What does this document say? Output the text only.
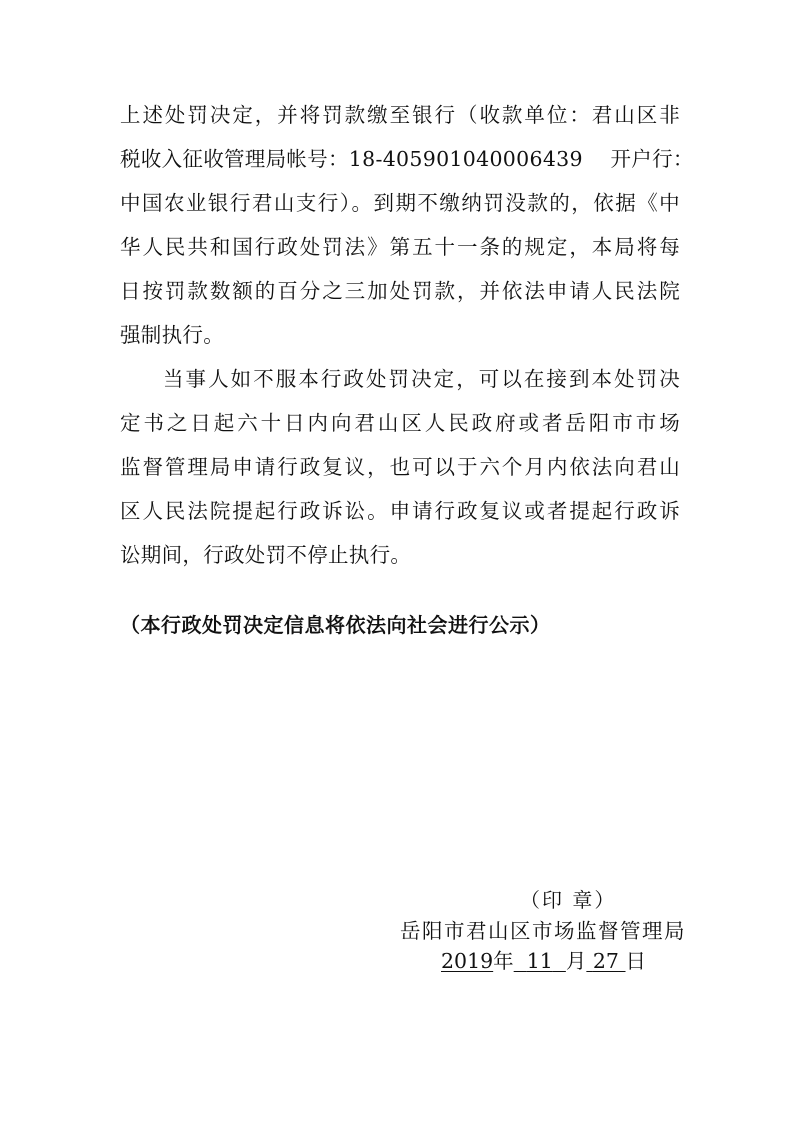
上述处罚决定，并将罚款缴至银行（收款单位：君山区非
税收入征收管理局帐号：18-405901040006439　 开户行：
中国农业银行君山支行）。到期不缴纳罚没款的，依据《中
华人民共和国行政处罚法》第五十一条的规定，本局将每
日按罚款数额的百分之三加处罚款，并依法申请人民法院
强制执行。
当事人如不服本行政处罚决定，可以在接到本处罚决
定书之日起六十日内向君山区人民政府或者岳阳市市场
监督管理局申请行政复议，也可以于六个月内依法向君山
区人民法院提起行政诉讼。申请行政复议或者提起行政诉
讼期间，行政处罚不停止执行。
（本行政处罚决定信息将依法向社会进行公示）
（印 章）
岳阳市君山区市场监督管理局
2019年 11 月 27 日
